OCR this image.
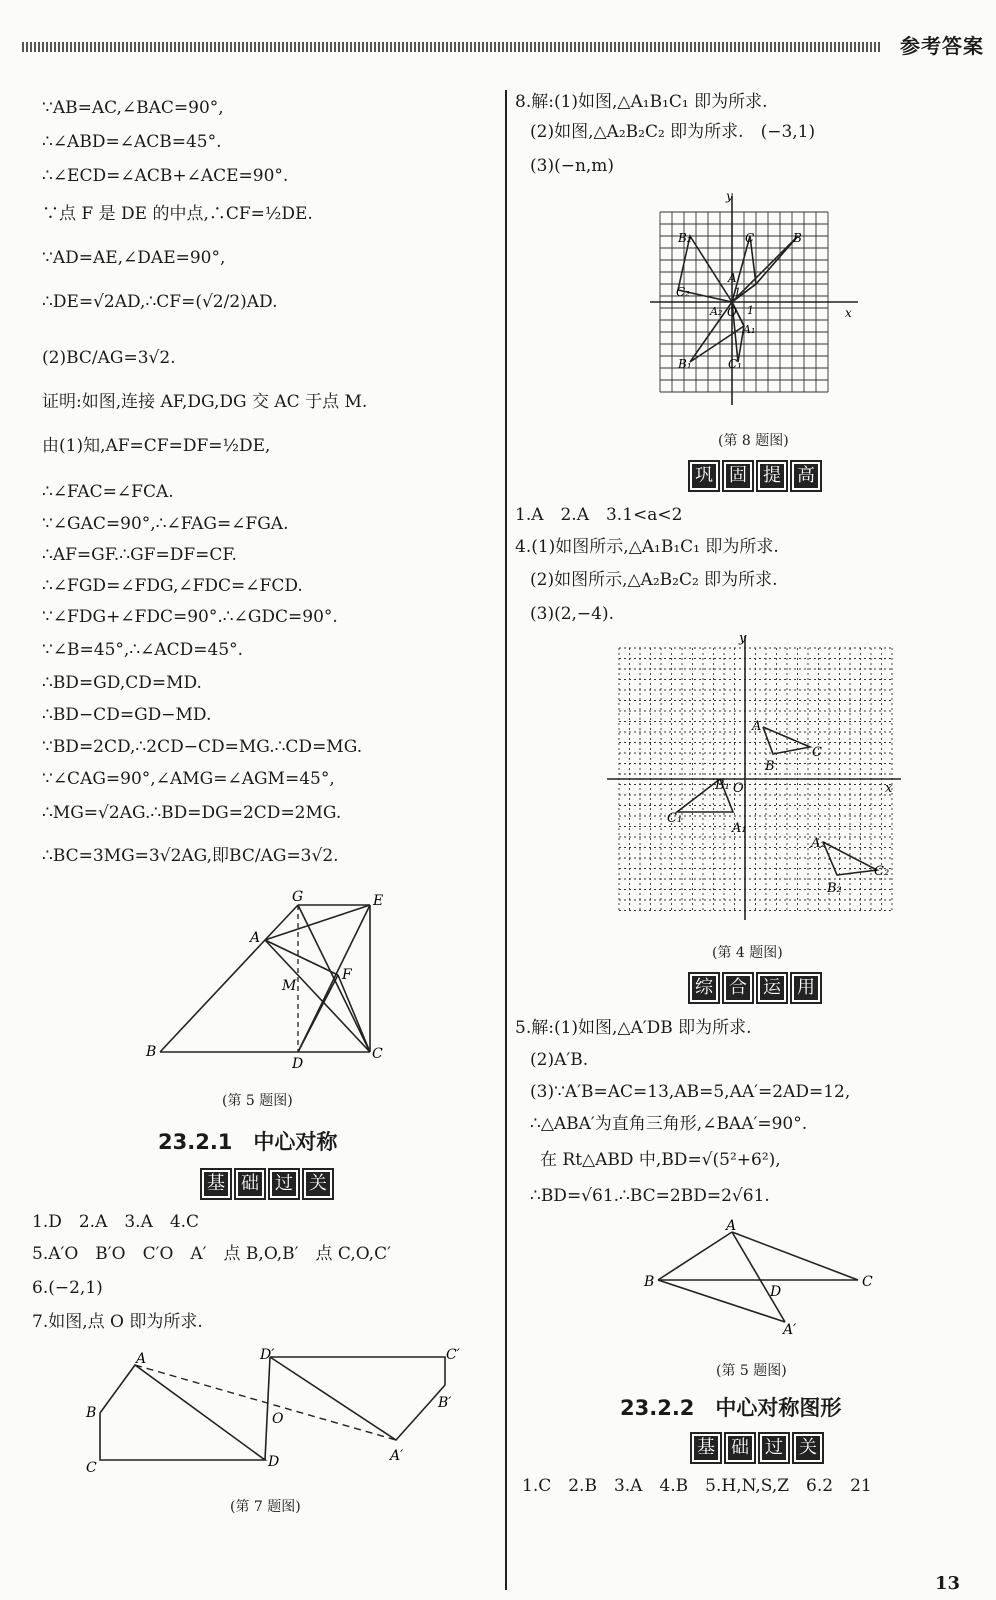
参考答案
∵AB=AC,∠BAC=90°,
∴∠ABD=∠ACB=45°.
∴∠ECD=∠ACB+∠ACE=90°.
∵点 F 是 DE 的中点,∴CF=½DE.
∵AD=AE,∠DAE=90°,
∴DE=√2AD,∴CF=(√2/2)AD.
(2)BC/AG=3√2.
证明:如图,连接 AF,DG,DG 交 AC 于点 M.
由(1)知,AF=CF=DF=½DE,
∴∠FAC=∠FCA.
∵∠GAC=90°,∴∠FAG=∠FGA.
∴AF=GF.∴GF=DF=CF.
∴∠FGD=∠FDG,∠FDC=∠FCD.
∵∠FDG+∠FDC=90°.∴∠GDC=90°.
∵∠B=45°,∴∠ACD=45°.
∴BD=GD,CD=MD.
∴BD−CD=GD−MD.
∵BD=2CD,∴2CD−CD=MG.∴CD=MG.
∵∠CAG=90°,∠AMG=∠AGM=45°,
∴MG=√2AG.∴BD=DG=2CD=2MG.
∴BC=3MG=3√2AG,即BC/AG=3√2.
B
A
G	E
F
M
D
C
(第 5 题图)
23.2.1　中心对称
基 础 过 关
1.D　2.A　3.A　4.C
5.A′O　B′O　C′O　A′　点 B,O,B′　点 C,O,C′
6.(−2,1)
7.如图,点 O 即为所求.
A
B
C	D
D′	C′
B′
A′
O
(第 7 题图)
8.解:(1)如图,△A₁B₁C₁ 即为所求.
(2)如图,△A₂B₂C₂ 即为所求.　(−3,1)
(3)(−n,m)
y
x
B₂	C	B
A
1
C₂
A₂ O 1
A₁
B₁	C₁
(第 8 题图)
巩 固 提 高
1.A　2.A　3.1<a<2
4.(1)如图所示,△A₁B₁C₁ 即为所求.
(2)如图所示,△A₂B₂C₂ 即为所求.
(3)(2,−4).
y
x
A
C
B
B₁ O
C₁
A₁
A₂
C₂
B₂
(第 4 题图)
综 合 运 用
5.解:(1)如图,△A′DB 即为所求.
(2)A′B.
(3)∵A′B=AC=13,AB=5,AA′=2AD=12,
∴△ABA′为直角三角形,∠BAA′=90°.
在 Rt△ABD 中,BD=√(5²+6²),
∴BD=√61.∴BC=2BD=2√61.
A
B	C
D
A′
(第 5 题图)
23.2.2　中心对称图形
基 础 过 关
1.C　2.B　3.A　4.B　5.H,N,S,Z　6.2　21
13
